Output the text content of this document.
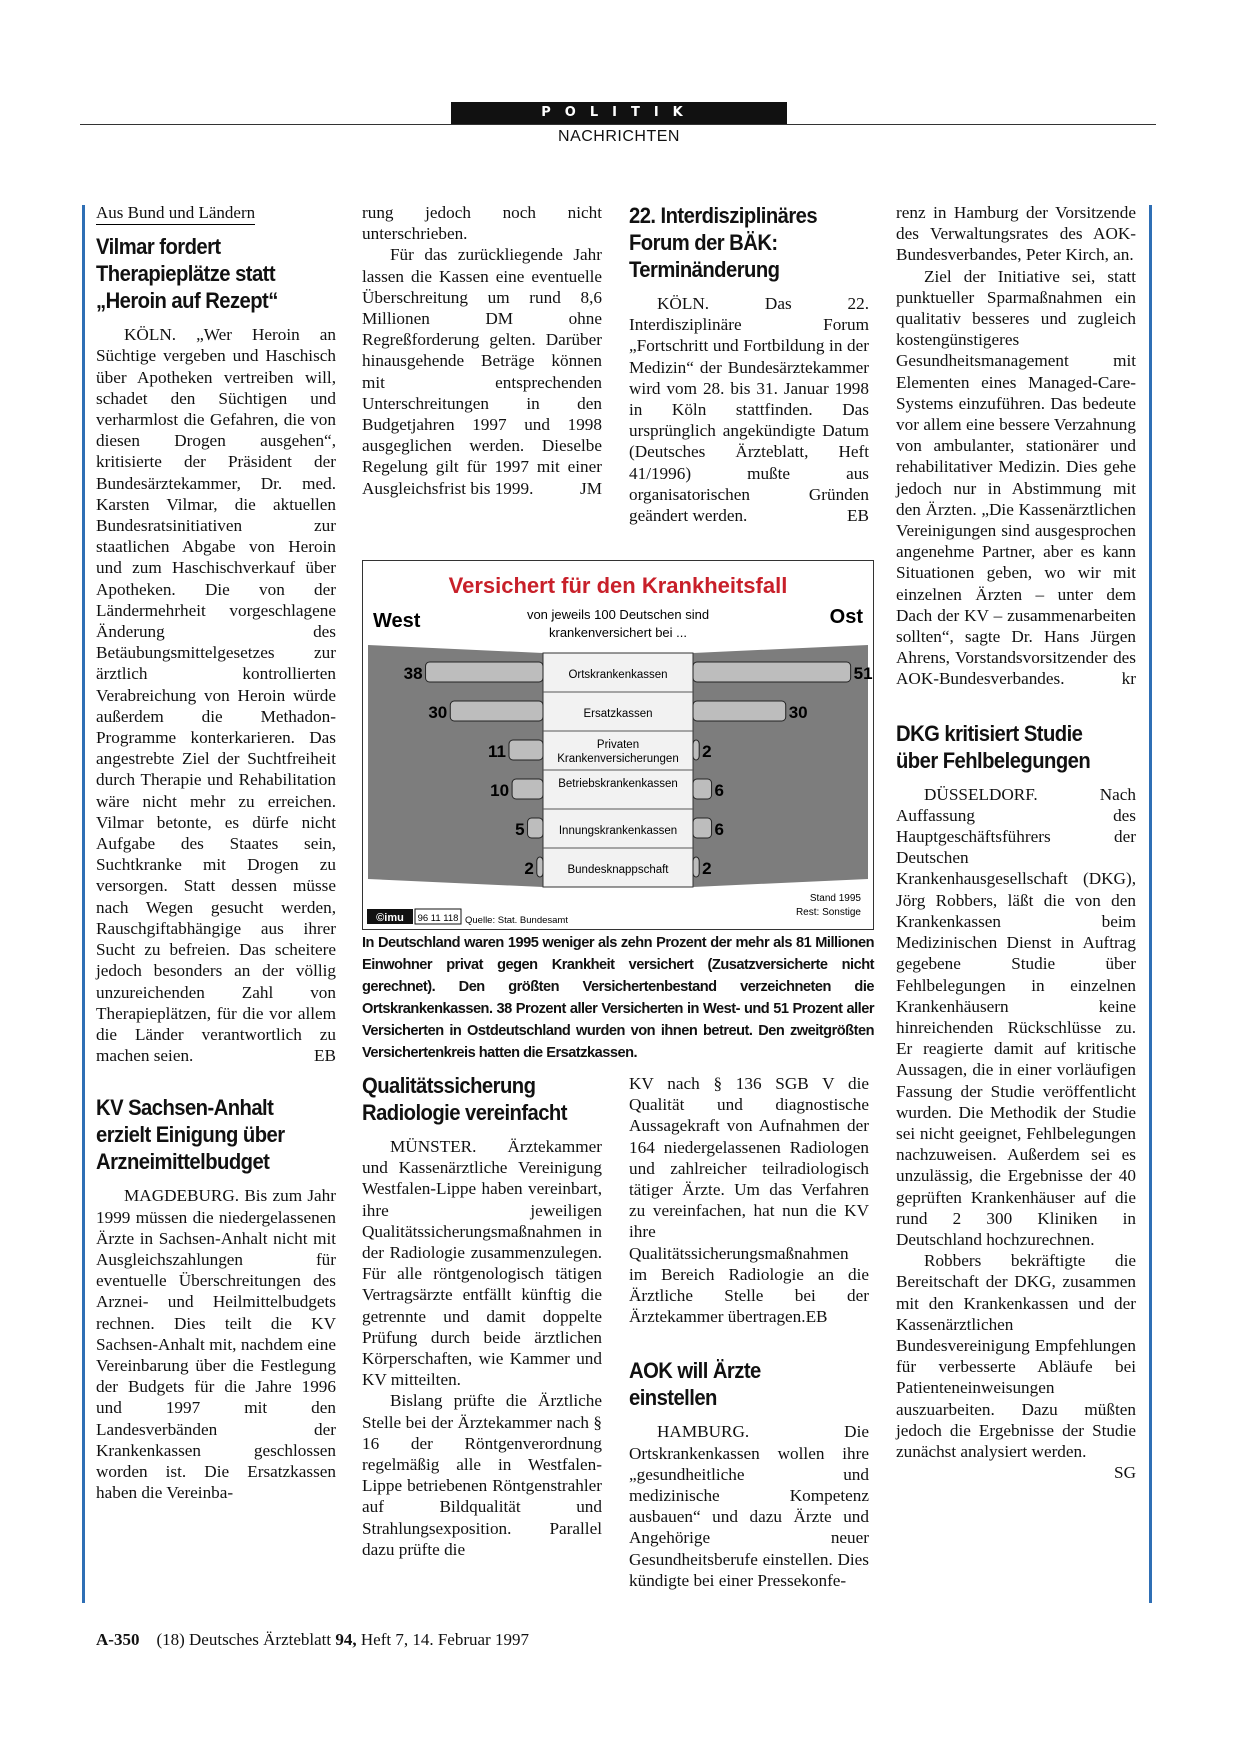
POLITIK
NACHRICHTEN
Aus Bund und Ländern
Vilmar fordert Therapieplätze statt „Heroin auf Rezept“

KÖLN. „Wer Heroin an Süchtige vergeben und Haschisch über Apotheken vertreiben will, schadet den Süchtigen und verharmlost die Gefahren, die von diesen Drogen ausgehen“, kritisierte der Präsident der Bundesärztekammer, Dr. med. Karsten Vilmar, die aktuellen Bundesratsinitiativen zur staatlichen Abgabe von Heroin und zum Haschischverkauf über Apotheken. Die von der Ländermehrheit vorgeschlagene Änderung des Betäubungsmittelgesetzes zur ärztlich kontrollierten Verabreichung von Heroin würde außerdem die Methadon-Programme konterkarieren. Das angestrebte Ziel der Suchtfreiheit durch Therapie und Rehabilitation wäre nicht mehr zu erreichen. Vilmar betonte, es dürfe nicht Aufgabe des Staates sein, Suchtkranke mit Drogen zu versorgen. Statt dessen müsse nach Wegen gesucht werden, Rauschgiftabhängige aus ihrer Sucht zu befreien. Das scheitere jedoch besonders an der völlig unzureichenden Zahl von Therapieplätzen, für die vor allem die Länder verantwortlich zu machen seien.	EB

KV Sachsen-Anhalt erzielt Einigung über Arzneimittelbudget

MAGDEBURG. Bis zum Jahr 1999 müssen die niedergelassenen Ärzte in Sachsen-Anhalt nicht mit Ausgleichszahlungen für eventuelle Überschreitungen des Arznei- und Heilmittelbudgets rechnen. Dies teilt die KV Sachsen-Anhalt mit, nachdem eine Vereinbarung über die Festlegung der Budgets für die Jahre 1996 und 1997 mit den Landesverbänden der Krankenkassen geschlossen worden ist. Die Ersatzkassen haben die Vereinba-

rung jedoch noch nicht unterschrieben.

Für das zurückliegende Jahr lassen die Kassen eine eventuelle Überschreitung um rund 8,6 Millionen DM ohne Regreßforderung gelten. Darüber hinausgehende Beträge können mit entsprechenden Unterschreitungen in den Budgetjahren 1997 und 1998 ausgeglichen werden. Dieselbe Regelung gilt für 1997 mit einer Ausgleichsfrist bis 1999.	JM

22. Interdisziplinäres Forum der BÄK: Terminänderung

KÖLN. Das 22. Interdisziplinäre Forum „Fortschritt und Fortbildung in der Medizin“ der Bundesärztekammer wird vom 28. bis 31. Januar 1998 in Köln stattfinden. Das ursprünglich angekündigte Datum (Deutsches Ärzteblatt, Heft 41/1996) mußte aus organisatorischen Gründen geändert werden.	EB

renz in Hamburg der Vorsitzende des Verwaltungsrates des AOK-Bundesverbandes, Peter Kirch, an.

Ziel der Initiative sei, statt punktueller Sparmaßnahmen ein qualitativ besseres und zugleich kostengünstigeres Gesundheitsmanagement mit Elementen eines Managed-Care-Systems einzuführen. Das bedeute vor allem eine bessere Verzahnung von ambulanter, stationärer und rehabilitativer Medizin. Dies gehe jedoch nur in Abstimmung mit den Ärzten. „Die Kassenärztlichen Vereinigungen sind ausgesprochen angenehme Partner, aber es kann Situationen geben, wo wir mit einzelnen Ärzten – unter dem Dach der KV – zusammenarbeiten sollten“, sagte Dr. Hans Jürgen Ahrens, Vorstandsvorsitzender des AOK-Bundesverbandes.	kr

DKG kritisiert Studie über Fehlbelegungen

DÜSSELDORF. Nach Auffassung des Hauptgeschäftsführers der Deutschen Krankenhausgesellschaft (DKG), Jörg Robbers, läßt die von den Krankenkassen beim Medizinischen Dienst in Auftrag gegebene Studie über Fehlbelegungen in einzelnen Krankenhäusern keine hinreichenden Rückschlüsse zu. Er reagierte damit auf kritische Aussagen, die in einer vorläufigen Fassung der Studie veröffentlicht wurden. Die Methodik der Studie sei nicht geeignet, Fehlbelegungen nachzuweisen. Außerdem sei es unzulässig, die Ergebnisse der 40 geprüften Krankenhäuser auf die rund 2 300 Kliniken in Deutschland hochzurechnen.

Robbers bekräftigte die Bereitschaft der DKG, zusammen mit den Krankenkassen und der Kassenärztlichen Bundesvereinigung Empfehlungen für verbesserte Abläufe bei Patienteneinweisungen auszuarbeiten. Dazu müßten jedoch die Ergebnisse der Studie zunächst analysiert werden.
SG

Versichert für den Krankheitsfall
von jeweils 100 Deutschen sind
krankenversichert bei ...
West	Ost
Ortskrankenkassen
38	51
Ersatzkassen
30	30
Privaten
Krankenversicherungen
11	2
Betriebskrankenkassen
10	6
Innungskrankenkassen
5	6
Bundesknappschaft
2	2
Stand 1995
Rest: Sonstige
©imu 96 11 118 Quelle: Stat. Bundesamt
In Deutschland waren 1995 weniger als zehn Prozent der mehr als 81 Millionen Einwohner privat gegen Krankheit versichert (Zusatzversicherte nicht gerechnet). Den größten Versichertenbestand verzeichneten die Ortskrankenkassen. 38 Prozent aller Versicherten in West- und 51 Prozent aller Versicherten in Ostdeutschland wurden von ihnen betreut. Den zweitgrößten Versichertenkreis hatten die Ersatzkassen.
Qualitätssicherung Radiologie vereinfacht

MÜNSTER. Ärztekammer und Kassenärztliche Vereinigung Westfalen-Lippe haben vereinbart, ihre jeweiligen Qualitätssicherungsmaßnahmen in der Radiologie zusammenzulegen. Für alle röntgenologisch tätigen Vertragsärzte entfällt künftig die getrennte und damit doppelte Prüfung durch beide ärztlichen Körperschaften, wie Kammer und KV mitteilten.

Bislang prüfte die Ärztliche Stelle bei der Ärztekammer nach § 16 der Röntgenverordnung regelmäßig alle in Westfalen-Lippe betriebenen Röntgenstrahler auf Bildqualität und Strahlungsexposition. Parallel dazu prüfte die

KV nach § 136 SGB V die Qualität und diagnostische Aussagekraft von Aufnahmen der 164 niedergelassenen Radiologen und zahlreicher teilradiologisch tätiger Ärzte. Um das Verfahren zu vereinfachen, hat nun die KV ihre Qualitätssicherungsmaßnahmen im Bereich Radiologie an die Ärztliche Stelle bei der Ärztekammer übertragen.EB

AOK will Ärzte einstellen

HAMBURG. Die Ortskrankenkassen wollen ihre „gesundheitliche und medizinische Kompetenz ausbauen“ und dazu Ärzte und Angehörige neuer Gesundheitsberufe einstellen. Dies kündigte bei einer Pressekonfe-

A-350 (18) Deutsches Ärzteblatt 94, Heft 7, 14. Februar 1997
